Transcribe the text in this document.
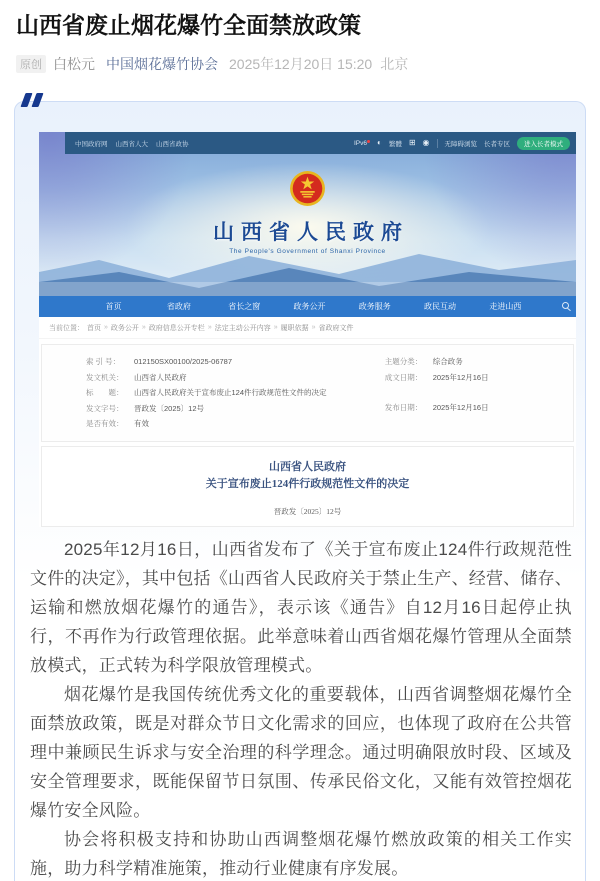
山西省废止烟花爆竹全面禁放政策
原创 白松元 中国烟花爆竹协会 2025年12月20日 15:20 北京
中国政府网 山西省人大 山西省政协	IPv6	◐ 繁體 ⊞ ◉ 无障碍浏览 长者专区	进入长者模式
山西省人民政府
The People's Government of Shanxi Province
首页	省政府	省长之窗	政务公开	政务服务	政民互动	走进山西
当前位置： 首页 » 政务公开 » 政府信息公开专栏 » 法定主动公开内容 » 履职依据 » 省政府文件
索 引 号：	012150SX00100/2025-06787
发文机关：	山西省人民政府
标　　题：	山西省人民政府关于宣布废止124件行政规范性文件的决定
发文字号：	晋政发〔2025〕12号
是否有效：	有效
主题分类：	综合政务
成文日期：	2025年12月16日
发布日期：	2025年12月16日
山西省人民政府
关于宣布废止124件行政规范性文件的决定
晋政发〔2025〕12号

2025年12月16日，山西省发布了《关于宣布废止124件行政规范性文件的决定》，其中包括《山西省人民政府关于禁止生产、经营、储存、运输和燃放烟花爆竹的通告》，表示该《通告》自12月16日起停止执行，不再作为行政管理依据。此举意味着山西省烟花爆竹管理从全面禁放模式，正式转为科学限放管理模式。

烟花爆竹是我国传统优秀文化的重要载体，山西省调整烟花爆竹全面禁放政策，既是对群众节日文化需求的回应，也体现了政府在公共管理中兼顾民生诉求与安全治理的科学理念。通过明确限放时段、区域及安全管理要求，既能保留节日氛围、传承民俗文化，又能有效管控烟花爆竹安全风险。

协会将积极支持和协助山西调整烟花爆竹燃放政策的相关工作实施，助力科学精准施策，推动行业健康有序发展。
